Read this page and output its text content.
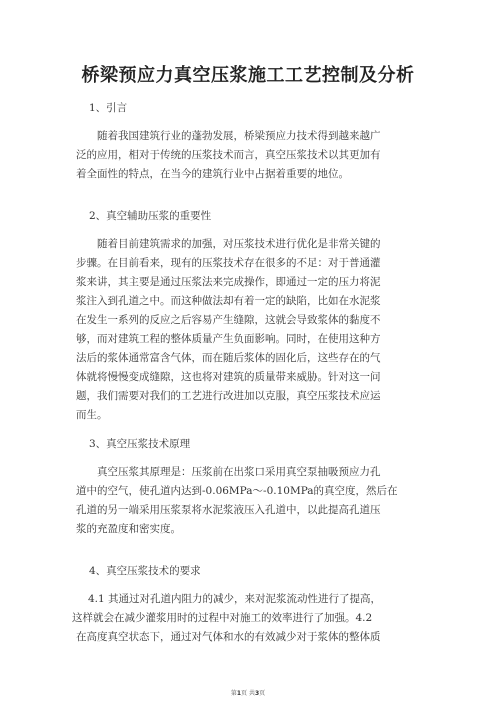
桥梁预应力真空压浆施工工艺控制及分析
1、引言
随着我国建筑行业的蓬勃发展，桥梁预应力技术得到越来越广
泛的应用，相对于传统的压浆技术而言，真空压浆技术以其更加有
着全面性的特点，在当今的建筑行业中占据着重要的地位。
2、真空辅助压浆的重要性
随着目前建筑需求的加强，对压浆技术进行优化是非常关键的
步骤。在目前看来，现有的压浆技术存在很多的不足：对于普通灌
浆来讲，其主要是通过压浆法来完成操作，即通过一定的压力将泥
浆注入到孔道之中。而这种做法却有着一定的缺陷，比如在水泥浆
在发生一系列的反应之后容易产生缝隙，这就会导致浆体的黏度不
够，而对建筑工程的整体质量产生负面影响。同时，在使用这种方
法后的浆体通常富含气体，而在随后浆体的固化后，这些存在的气
体就将慢慢变成缝隙，这也将对建筑的质量带来威胁。针对这一问
题，我们需要对我们的工艺进行改进加以克服，真空压浆技术应运
而生。
3、真空压浆技术原理
真空压浆其原理是：压浆前在出浆口采用真空泵抽吸预应力孔
道中的空气，使孔道内达到-0.06MPa～-0.10MPa的真空度，然后在
孔道的另一端采用压浆泵将水泥浆液压入孔道中，以此提高孔道压
浆的充盈度和密实度。
4、真空压浆技术的要求
4.1 其通过对孔道内阻力的减少，来对泥浆流动性进行了提高，
这样就会在减少灌浆用时的过程中对施工的效率进行了加强。4.2
在高度真空状态下，通过对气体和水的有效减少对于浆体的整体质
第1页 共3页
